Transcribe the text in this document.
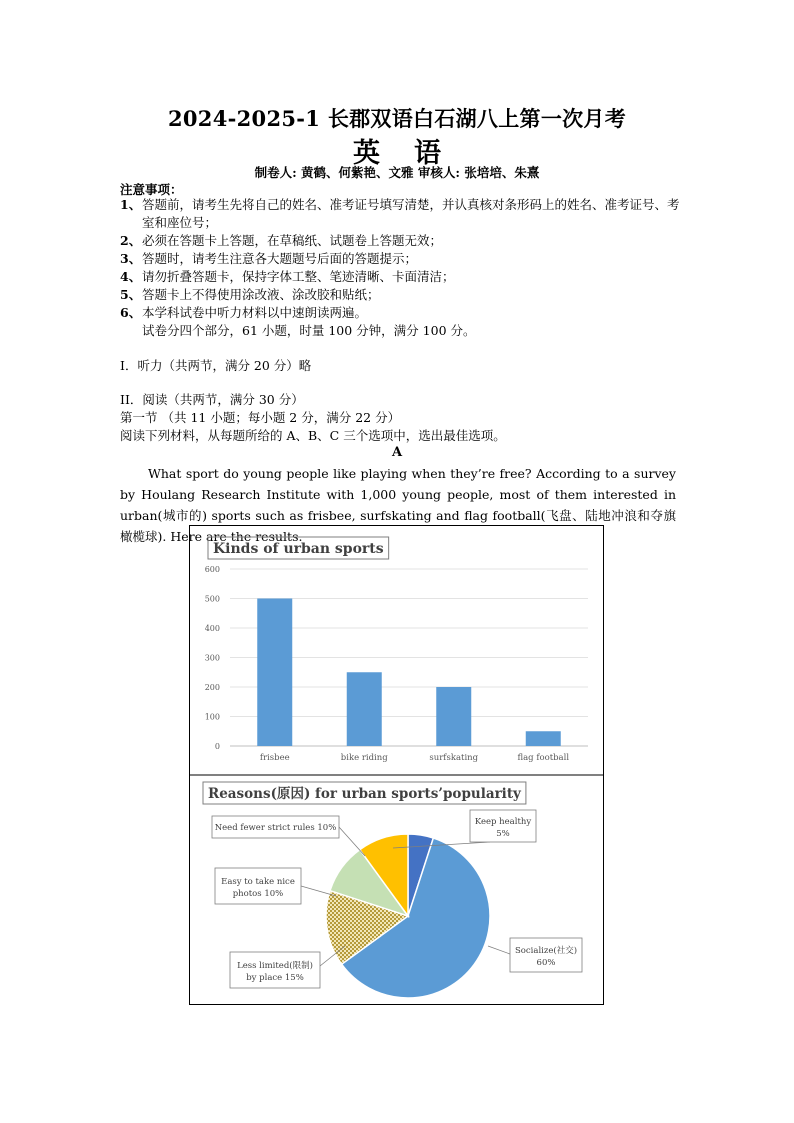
2024-2025-1 长郡双语白石湖八上第一次月考
英语
制卷人: 黄鹤、何紫艳、文雅 审核人: 张培培、朱熹
注意事项：
1、 答题前，请考生先将自己的姓名、准考证号填写清楚，并认真核对条形码上的姓名、准考证号、考室和座位号；
2、 必须在答题卡上答题，在草稿纸、试题卷上答题无效；
3、 答题时，请考生注意各大题题号后面的答题提示；
4、 请勿折叠答题卡，保持字体工整、笔迹清晰、卡面清洁；
5、 答题卡上不得使用涂改液、涂改胶和贴纸；
6、 本学科试卷中听力材料以中速朗读两遍。
试卷分四个部分，61 小题，时量 100 分钟，满分 100 分。
I．听力（共两节，满分 20 分）略
II．阅读（共两节，满分 30 分）
第一节 （共 11 小题；每小题 2 分，满分 22 分）
阅读下列材料，从每题所给的 A、B、C 三个选项中，选出最佳选项。
A
What sport do young people like playing when they’re free? According to a survey by Houlang Research Institute with 1,000 young people, most of them interested in urban(城市的) sports such as frisbee, surfskating and flag football(飞盘、陆地冲浪和夺旗橄榄球). Here are the results.
Kinds of urban sports
0
100
200
300
400
500
600
frisbee	bike riding	surfskating	flag football
Reasons(原因) for urban sports’popularity
Keep healthy
5%
Socialize(社交)
60%
Less limited(限制)
by place 15%
Easy to take nice
photos 10%
Need fewer strict rules 10%
